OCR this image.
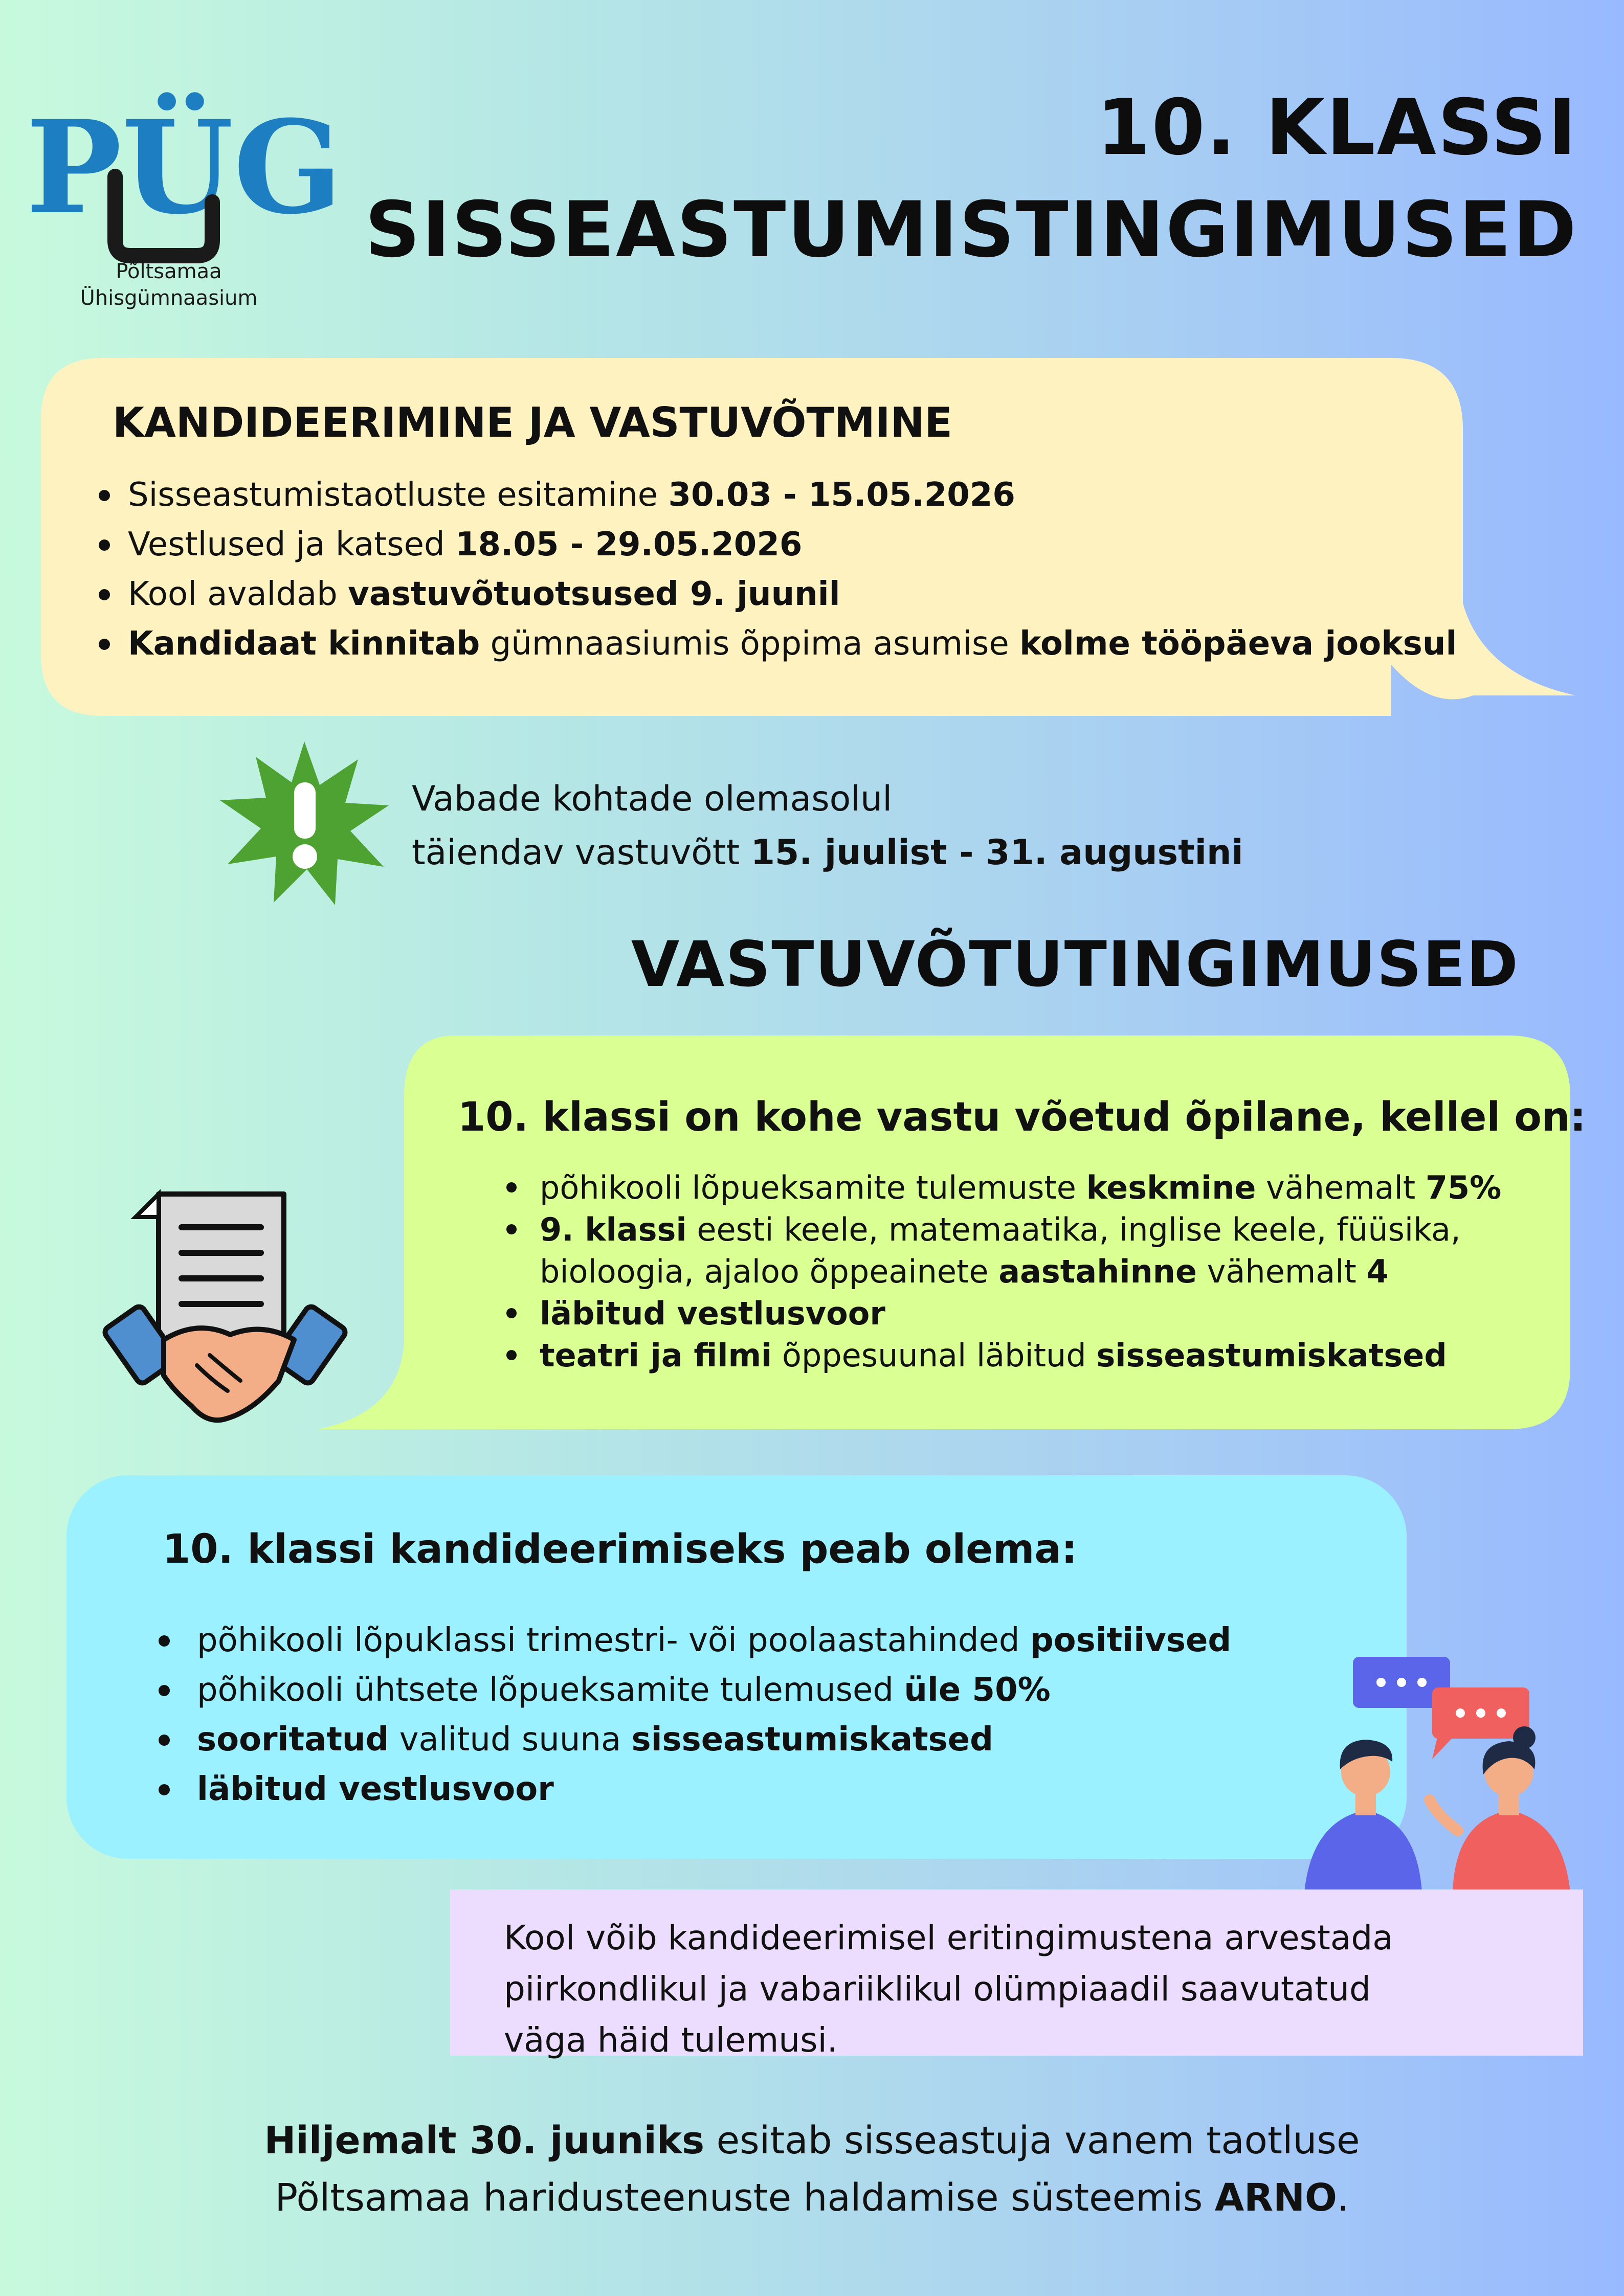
PÜG
Põltsamaa
Ühisgümnaasium
10. KLASSI
SISSEASTUMISTINGIMUSED
KANDIDEERIMINE JA VASTUVÕTMINE
Sisseastumistaotluste esitamine 30.03 - 15.05.2026
Vestlused ja katsed 18.05 - 29.05.2026
Kool avaldab vastuvõtuotsused 9. juunil
Kandidaat kinnitab gümnaasiumis õppima asumise kolme tööpäeva jooksul
Vabade kohtade olemasolul
täiendav vastuvõtt 15. juulist - 31. augustini
VASTUVÕTUTINGIMUSED
10. klassi on kohe vastu võetud õpilane, kellel on:
põhikooli lõpueksamite tulemuste keskmine vähemalt 75%
9. klassi eesti keele, matemaatika, inglise keele, füüsika, bioloogia, ajaloo õppeainete aastahinne vähemalt 4
läbitud vestlusvoor
teatri ja filmi õppesuunal läbitud sisseastumiskatsed
10. klassi kandideerimiseks peab olema:
põhikooli lõpuklassi trimestri- või poolaastahinded positiivsed
põhikooli ühtsete lõpueksamite tulemused üle 50%
sooritatud valitud suuna sisseastumiskatsed
läbitud vestlusvoor
Kool võib kandideerimisel eritingimustena arvestada
piirkondlikul ja vabariiklikul olümpiaadil saavutatud
väga häid tulemusi.
Hiljemalt 30. juuniks esitab sisseastuja vanem taotluse
Põltsamaa haridusteenuste haldamise süsteemis ARNO.
